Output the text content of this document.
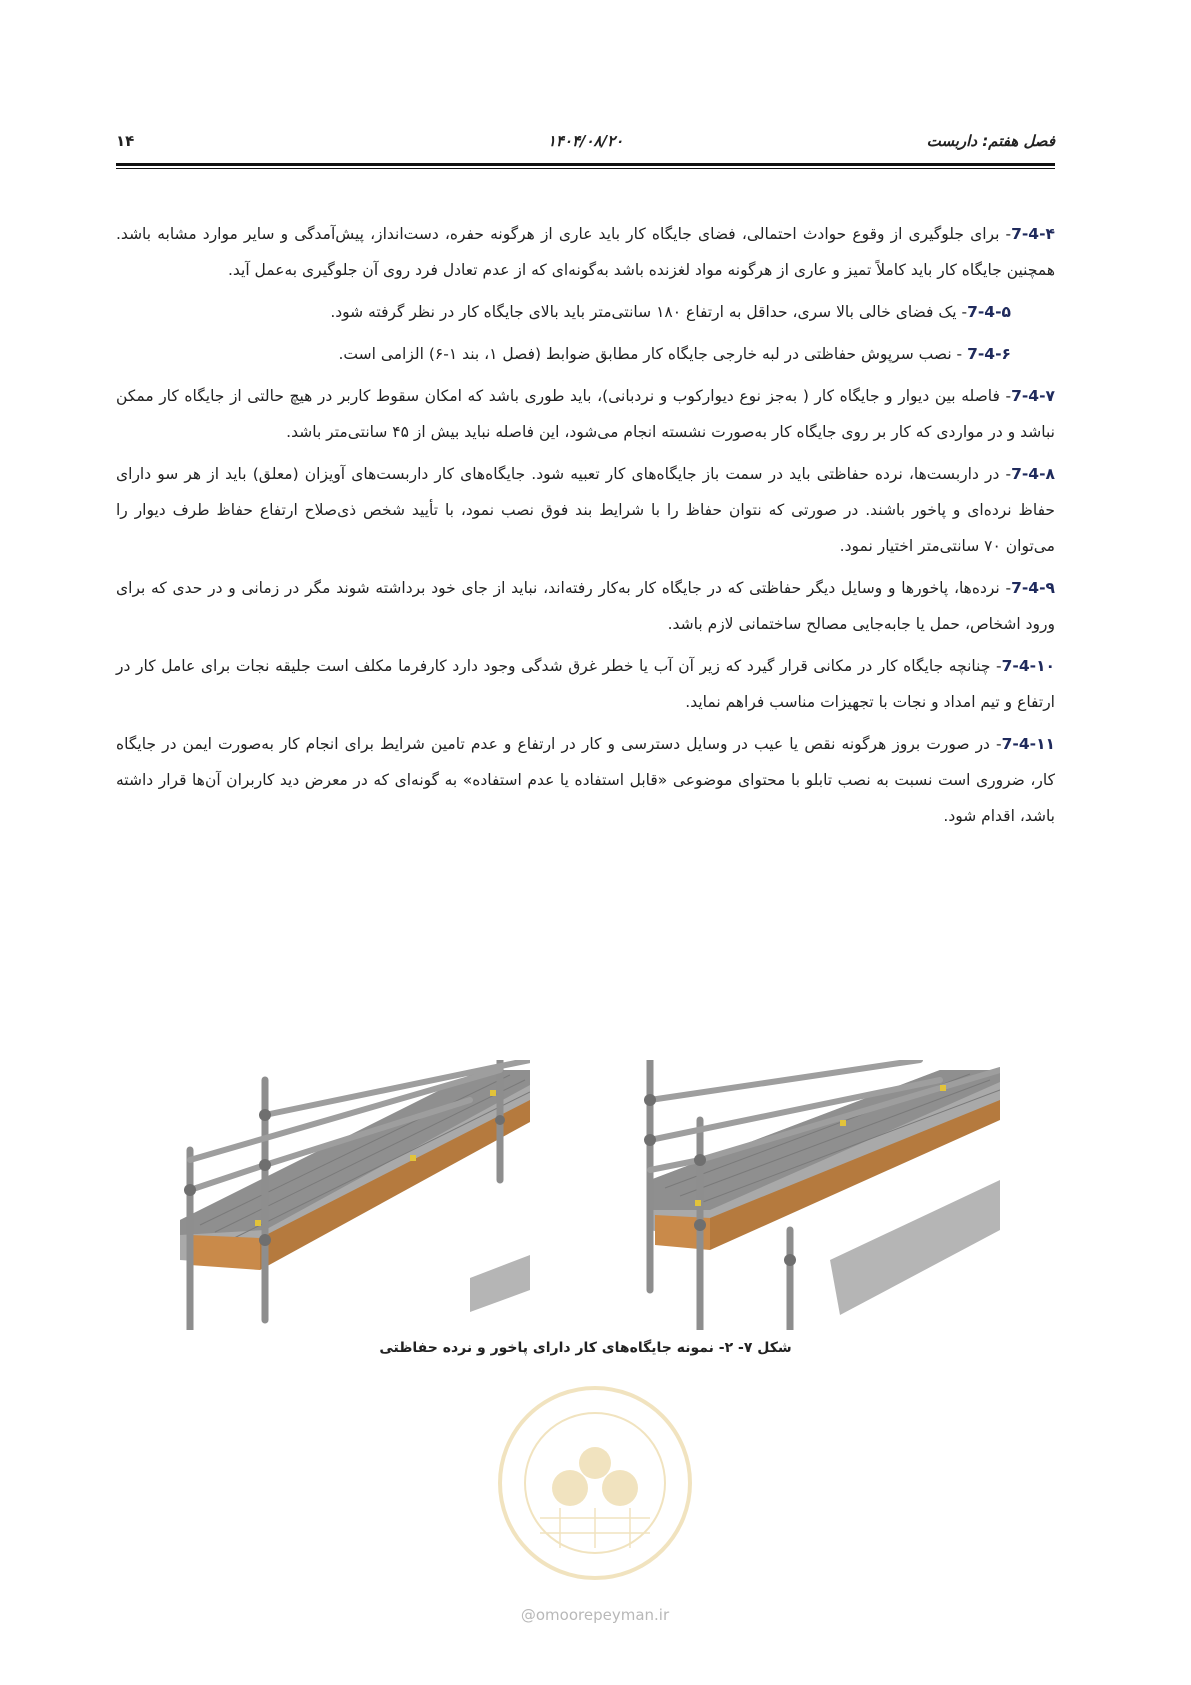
فصل هفتم: داربست
۱۴۰۴/۰۸/۲۰
۱۴

7-4-۴- برای جلوگیری از وقوع حوادث احتمالی، فضای جایگاه کار باید عاری از هرگونه حفره، دست‌انداز، پیش‌آمدگی و سایر موارد مشابه باشد. همچنین جایگاه کار باید کاملاً تمیز و عاری از هرگونه مواد لغزنده باشد به‌گونه‌ای که از عدم تعادل فرد روی آن جلوگیری به‌عمل آید.

7-4-۵- یک فضای خالی بالا سری، حداقل به ارتفاع ۱۸۰ سانتی‌متر باید بالای جایگاه کار در نظر گرفته شود.

7-4-۶ - نصب سرپوش حفاظتی در لبه خارجی جایگاه کار مطابق ضوابط (فصل ۱، بند ۱-۶) الزامی است.

7-4-۷- فاصله بین دیوار و جایگاه کار ( به‌جز نوع دیوارکوب و نردبانی)، باید طوری باشد که امکان سقوط کاربر در هیچ حالتی از جایگاه کار ممکن نباشد و در مواردی که کار بر روی جایگاه کار به‌صورت نشسته انجام می‌شود، این فاصله نباید بیش از ۴۵ سانتی‌متر باشد.

7-4-۸- در داربست‌ها، نرده حفاظتی باید در سمت باز جایگاه‌های کار تعبیه شود. جایگاه‌های کار داربست‌های آویزان (معلق) باید از هر سو دارای حفاظ نرده‌ای و پاخور باشند. در صورتی که نتوان حفاظ را با شرایط بند فوق نصب نمود، با تأیید شخص ذی‌صلاح ارتفاع حفاظ طرف دیوار را می‌توان ۷۰ سانتی‌متر اختیار نمود.

7-4-۹- نرده‌ها، پاخورها و وسایل دیگر حفاظتی که در جایگاه کار به‌کار رفته‌اند، نباید از جای خود برداشته شوند مگر در زمانی و در حدی که برای ورود اشخاص، حمل یا جابه‌جایی مصالح ساختمانی لازم باشد.

7-4-۱۰- چنانچه جایگاه کار در مکانی قرار گیرد که زیر آن آب یا خطر غرق شدگی وجود دارد کارفرما مکلف است جلیقه نجات برای عامل کار در ارتفاع و تیم امداد و نجات با تجهیزات مناسب فراهم نماید.

7-4-۱۱- در صورت بروز هرگونه نقص یا عیب در وسایل دسترسی و کار در ارتفاع و عدم تامین شرایط برای انجام کار به‌صورت ایمن در جایگاه کار، ضروری است نسبت به نصب تابلو با محتوای موضوعی «قابل استفاده یا عدم استفاده» به گونه‌ای که در معرض دید کاربران آن‌ها قرار داشته باشد، اقدام شود.

شکل ۷- ۲- نمونه جایگاه‌های کار دارای پاخور و نرده حفاظتی
@omoorepeyman.ir
